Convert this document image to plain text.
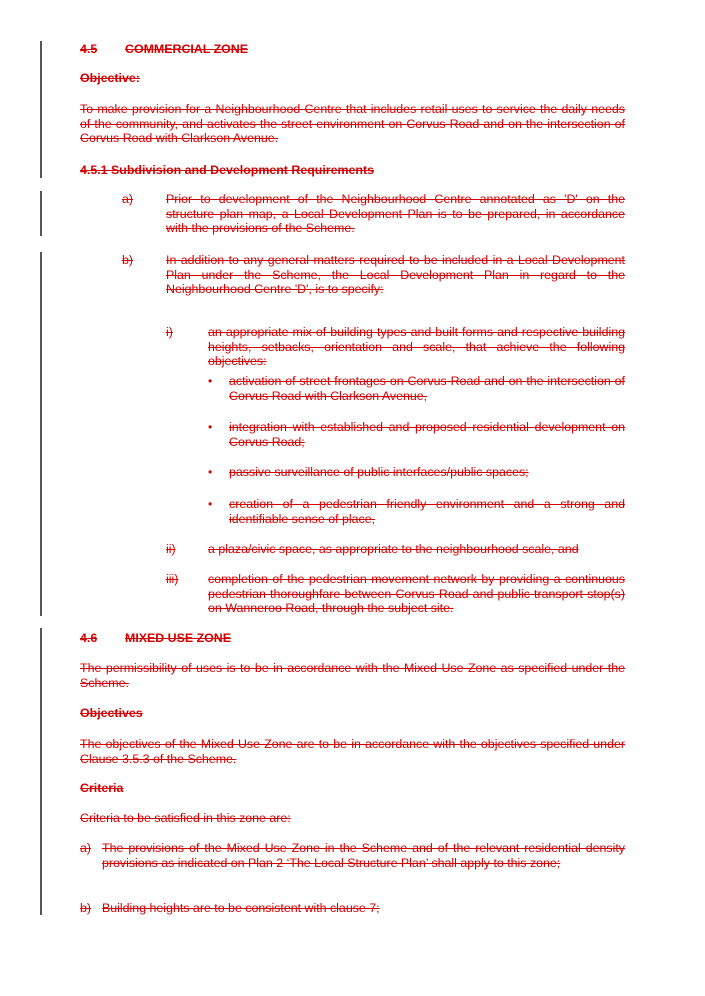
4.5 COMMERCIAL ZONE
Objective:

To make provision for a Neighbourhood Centre that includes retail uses to service the daily needs of the community, and activates the street environment on Corvus Road and on the intersection of Corvus Road with Clarkson Avenue.

4.5.1 Subdivision and Development Requirements
a)	Prior to development of the Neighbourhood Centre annotated as 'D' on the structure plan map, a Local Development Plan is to be prepared, in accordance with the provisions of the Scheme.

b)	In addition to any general matters required to be included in a Local Development Plan under the Scheme, the Local Development Plan in regard to the Neighbourhood Centre 'D', is to specify:

i)	an appropriate mix of building types and built forms and respective building heights, setbacks, orientation and scale, that achieve the following objectives:

• activation of street frontages on Corvus Road and on the intersection of Corvus Road with Clarkson Avenue,

• integration with established and proposed residential development on Corvus Road;

• passive surveillance of public interfaces/public spaces;

• creation of a pedestrian friendly environment and a strong and identifiable sense of place,

ii)	a plaza/civic space, as appropriate to the neighbourhood scale, and

iii) completion of the pedestrian movement network by providing a continuous pedestrian thoroughfare between Corvus Road and public transport stop(s) on Wanneroo Road, through the subject site.

4.6 MIXED USE ZONE

The permissibility of uses is to be in accordance with the Mixed Use Zone as specified under the Scheme.

Objectives

The objectives of the Mixed Use Zone are to be in accordance with the objectives specified under Clause 3.5.3 of the Scheme.

Criteria

Criteria to be satisfied in this zone are:

a) The provisions of the Mixed Use Zone in the Scheme and of the relevant residential density provisions as indicated on Plan 2 ‘The Local Structure Plan’ shall apply to this zone;

b) Building heights are to be consistent with clause 7;
